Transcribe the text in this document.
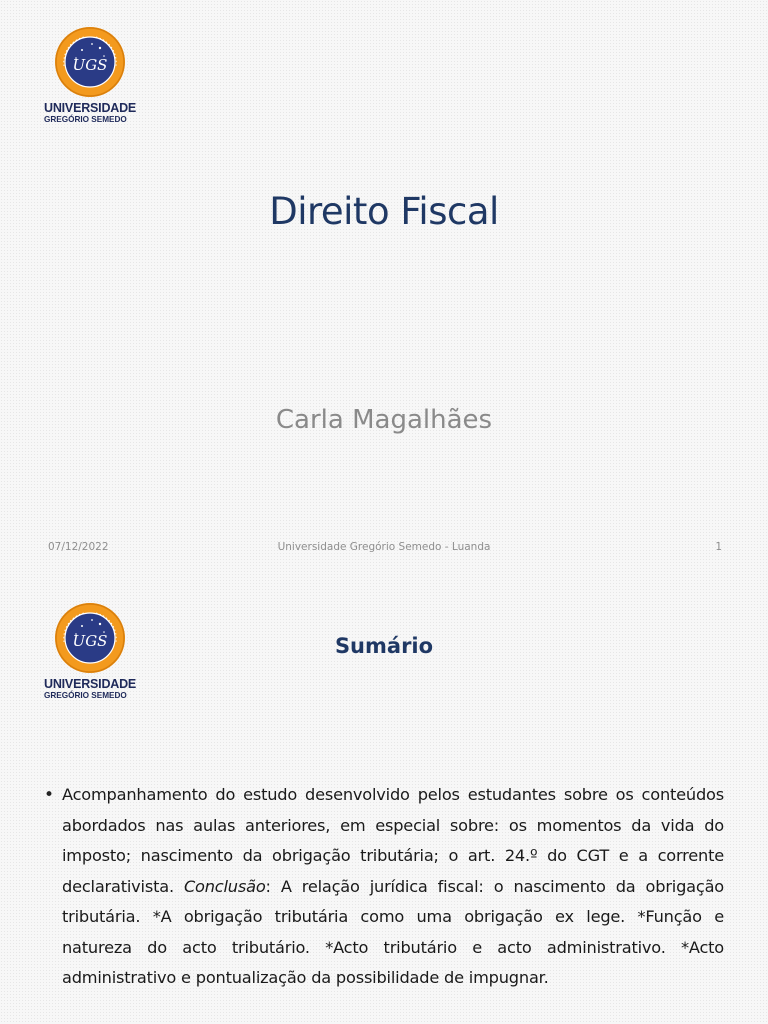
UGS
UNIVERSIDADE
GREGÓRIO SEMEDO
Direito Fiscal
Carla Magalhães
07/12/2022	Universidade Gregório Semedo - Luanda	1
UGS
UNIVERSIDADE
GREGÓRIO SEMEDO
Sumário
• Acompanhamento do estudo desenvolvido pelos estudantes sobre os conteúdos abordados nas aulas anteriores, em especial sobre: os momentos da vida do imposto; nascimento da obrigação tributária; o art. 24.º do CGT e a corrente declarativista. Conclusão: A relação jurídica fiscal: o nascimento da obrigação tributária. *A obrigação tributária como uma obrigação ex lege. *Função e natureza do acto tributário. *Acto tributário e acto administrativo. *Acto administrativo e pontualização da possibilidade de impugnar.
